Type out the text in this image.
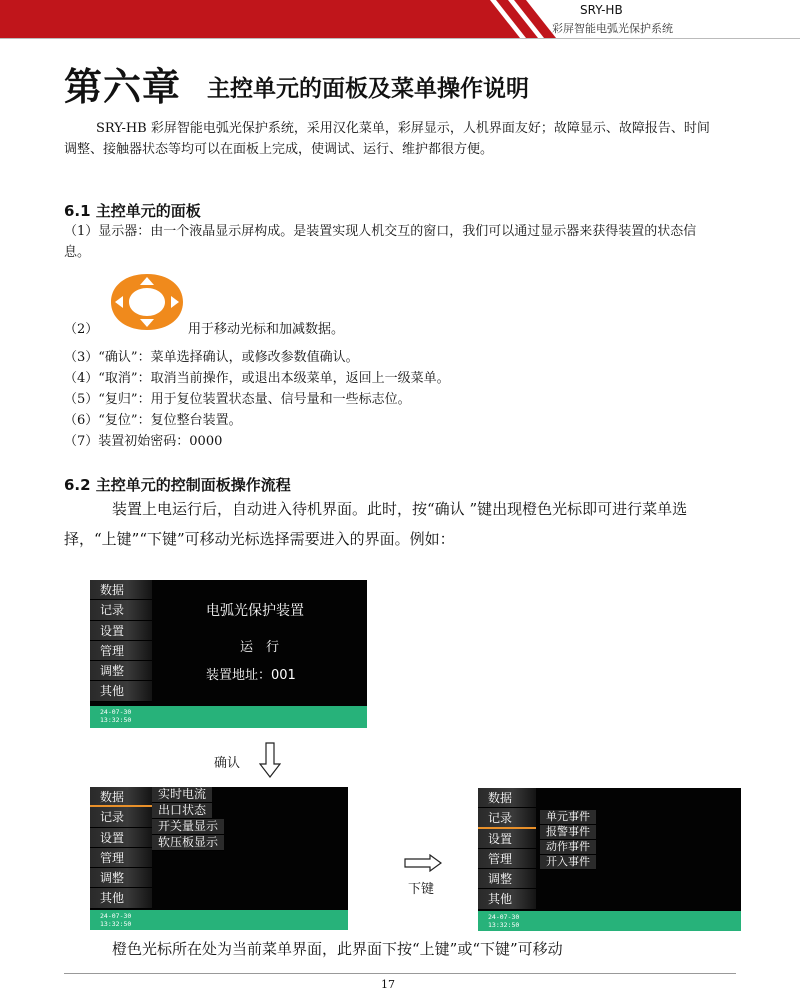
SRY-HB
彩屏智能电弧光保护系统
第六章 主控单元的面板及菜单操作说明
SRY-HB 彩屏智能电弧光保护系统，采用汉化菜单，彩屏显示，人机界面友好；故障显示、故障报告、时间调整、接触器状态等均可以在面板上完成，使调试、运行、维护都很方便。
6.1 主控单元的面板
（1）显示器：由一个液晶显示屏构成。是装置实现人机交互的窗口，我们可以通过显示器来获得装置的状态信息。
（2）	用于移动光标和加减数据。
（3）“确认”：菜单选择确认，或修改参数值确认。
（4）“取消”：取消当前操作，或退出本级菜单，返回上一级菜单。
（5）“复归”：用于复位装置状态量、信号量和一些标志位。
（6）“复位”：复位整台装置。
（7）装置初始密码：0000
6.2 主控单元的控制面板操作流程
装置上电运行后，自动进入待机界面。此时，按“确认 ”键出现橙色光标即可进行菜单选择，“上键”“下键”可移动光标选择需要进入的界面。例如：
数据
记录
设置
管理
调整
其他
电弧光保护装置
运　行
装置地址：001
24-07-30
13:32:50
确认
数据
记录
设置
管理
调整
其他
实时电流
出口状态
开关量显示
软压板显示
24-07-30
13:32:50
下键
数据
记录
设置
管理
调整
其他
单元事件
报警事件
动作事件
开入事件
24-07-30
13:32:50
橙色光标所在处为当前菜单界面，此界面下按“上键”或“下键”可移动
17
